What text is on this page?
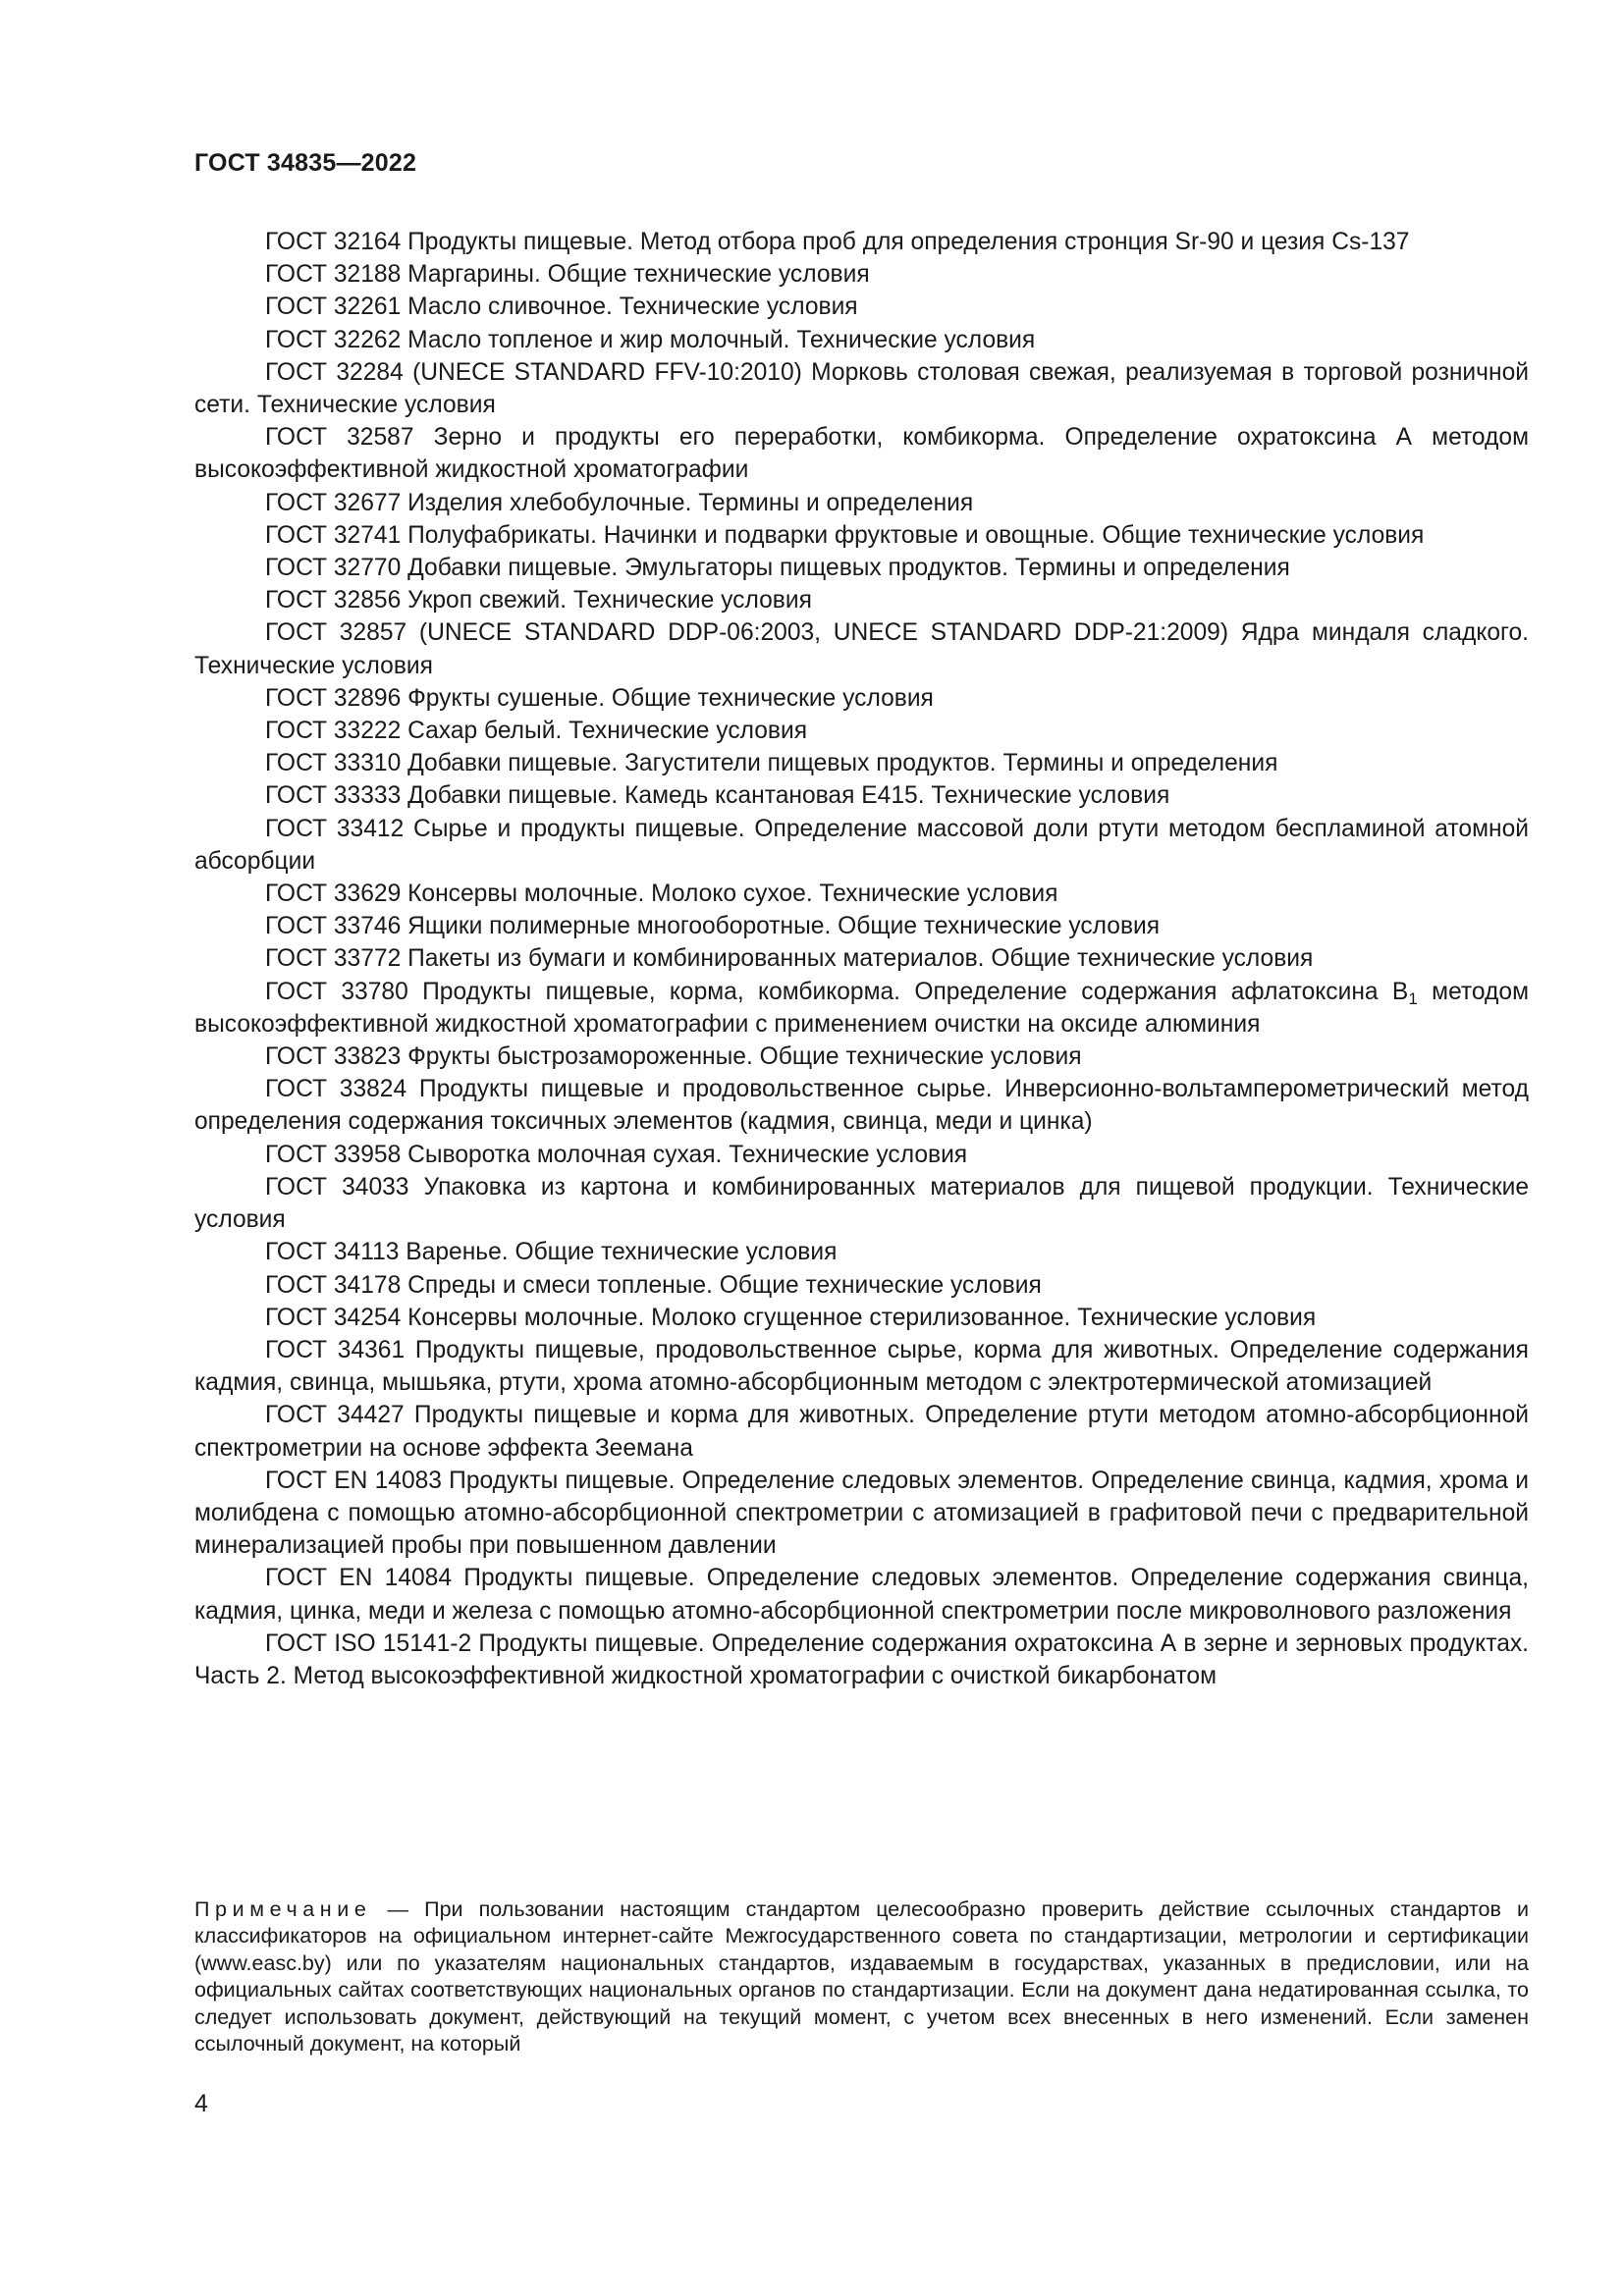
ГОСТ 34835—2022

ГОСТ 32164 Продукты пищевые. Метод отбора проб для определения стронция Sr-90 и цезия Cs-137

ГОСТ 32188 Маргарины. Общие технические условия

ГОСТ 32261 Масло сливочное. Технические условия

ГОСТ 32262 Масло топленое и жир молочный. Технические условия

ГОСТ 32284 (UNECE STANDARD FFV-10:2010) Морковь столовая свежая, реализуемая в торговой розничной сети. Технические условия

ГОСТ 32587 Зерно и продукты его переработки, комбикорма. Определение охратоксина А методом высокоэффективной жидкостной хроматографии

ГОСТ 32677 Изделия хлебобулочные. Термины и определения

ГОСТ 32741 Полуфабрикаты. Начинки и подварки фруктовые и овощные. Общие технические условия

ГОСТ 32770 Добавки пищевые. Эмульгаторы пищевых продуктов. Термины и определения

ГОСТ 32856 Укроп свежий. Технические условия

ГОСТ 32857 (UNECE STANDARD DDP-06:2003, UNECE STANDARD DDP-21:2009) Ядра миндаля сладкого. Технические условия

ГОСТ 32896 Фрукты сушеные. Общие технические условия

ГОСТ 33222 Сахар белый. Технические условия

ГОСТ 33310 Добавки пищевые. Загустители пищевых продуктов. Термины и определения

ГОСТ 33333 Добавки пищевые. Камедь ксантановая Е415. Технические условия

ГОСТ 33412 Сырье и продукты пищевые. Определение массовой доли ртути методом беспламиной атомной абсорбции

ГОСТ 33629 Консервы молочные. Молоко сухое. Технические условия

ГОСТ 33746 Ящики полимерные многооборотные. Общие технические условия

ГОСТ 33772 Пакеты из бумаги и комбинированных материалов. Общие технические условия

ГОСТ 33780 Продукты пищевые, корма, комбикорма. Определение содержания афлатоксина $B_1$ методом высокоэффективной жидкостной хроматографии с применением очистки на оксиде алюминия

ГОСТ 33823 Фрукты быстрозамороженные. Общие технические условия

ГОСТ 33824 Продукты пищевые и продовольственное сырье. Инверсионно-вольтамперометрический метод определения содержания токсичных элементов (кадмия, свинца, меди и цинка)

ГОСТ 33958 Сыворотка молочная сухая. Технические условия

ГОСТ 34033 Упаковка из картона и комбинированных материалов для пищевой продукции. Технические условия

ГОСТ 34113 Варенье. Общие технические условия

ГОСТ 34178 Спреды и смеси топленые. Общие технические условия

ГОСТ 34254 Консервы молочные. Молоко сгущенное стерилизованное. Технические условия

ГОСТ 34361 Продукты пищевые, продовольственное сырье, корма для животных. Определение содержания кадмия, свинца, мышьяка, ртути, хрома атомно-абсорбционным методом с электротермической атомизацией

ГОСТ 34427 Продукты пищевые и корма для животных. Определение ртути методом атомно-абсорбционной спектрометрии на основе эффекта Зеемана

ГОСТ EN 14083 Продукты пищевые. Определение следовых элементов. Определение свинца, кадмия, хрома и молибдена с помощью атомно-абсорбционной спектрометрии с атомизацией в графитовой печи с предварительной минерализацией пробы при повышенном давлении

ГОСТ EN 14084 Продукты пищевые. Определение следовых элементов. Определение содержания свинца, кадмия, цинка, меди и железа с помощью атомно-абсорбционной спектрометрии после микроволнового разложения

ГОСТ ISO 15141-2 Продукты пищевые. Определение содержания охратоксина А в зерне и зерновых продуктах. Часть 2. Метод высокоэффективной жидкостной хроматографии с очисткой бикарбонатом

Примечание — При пользовании настоящим стандартом целесообразно проверить действие ссылочных стандартов и классификаторов на официальном интернет-сайте Межгосударственного совета по стандартизации, метрологии и сертификации (www.easc.by) или по указателям национальных стандартов, издаваемым в государствах, указанных в предисловии, или на официальных сайтах соответствующих национальных органов по стандартизации. Если на документ дана недатированная ссылка, то следует использовать документ, действующий на текущий момент, с учетом всех внесенных в него изменений. Если заменен ссылочный документ, на который
4
